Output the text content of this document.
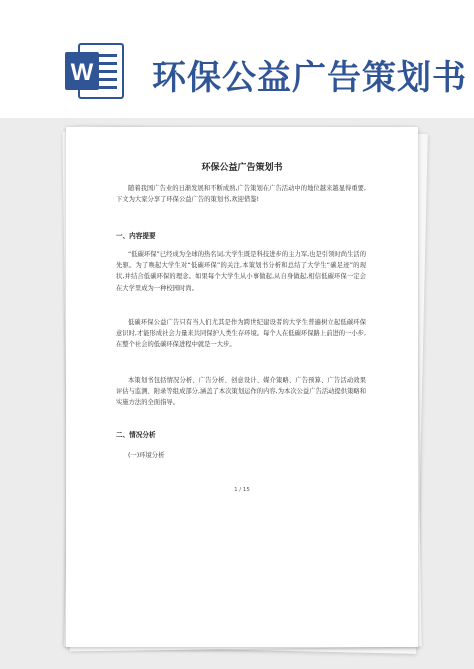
W 环保公益广告策划书
环保公益广告策划书
随着我国广告业的日渐发展和不断成熟,广告策划在广告活动中的地位越来越显得重要,下文为大家分享了环保公益广告的策划书,欢迎借鉴!
一、内容提要
“低碳环保”已经成为全球的热名词,大学生既是科技进步的主力军,也是引领时尚生活的先驱。为了唤起大学生对“低碳环保”的关注,本策划书分析和总结了大学生“碳足迹”的现状,并结合低碳环保的理念。如果每个大学生从小事做起,从自身做起,相信低碳环保一定会在大学里成为一种校园时尚。
低碳环保公益广告只有当人们尤其是作为跨世纪建设者的大学生普遍树立起低碳环保意识时,才能形成社会力量来共同保护人类生存环境。每个人在低碳环保路上前进的一小步,在整个社会的低碳环保进程中就是一大步。
本策划书包括情况分析、广告分析、创意设计、媒介策略、广告预算、广告活动效果评估与监测、附录等组成部分,涵盖了本次策划运作的内容,为本次公益广告活动提供策略和实施方法的全面指导。
二、情况分析
(一)环境分析
1 / 15
